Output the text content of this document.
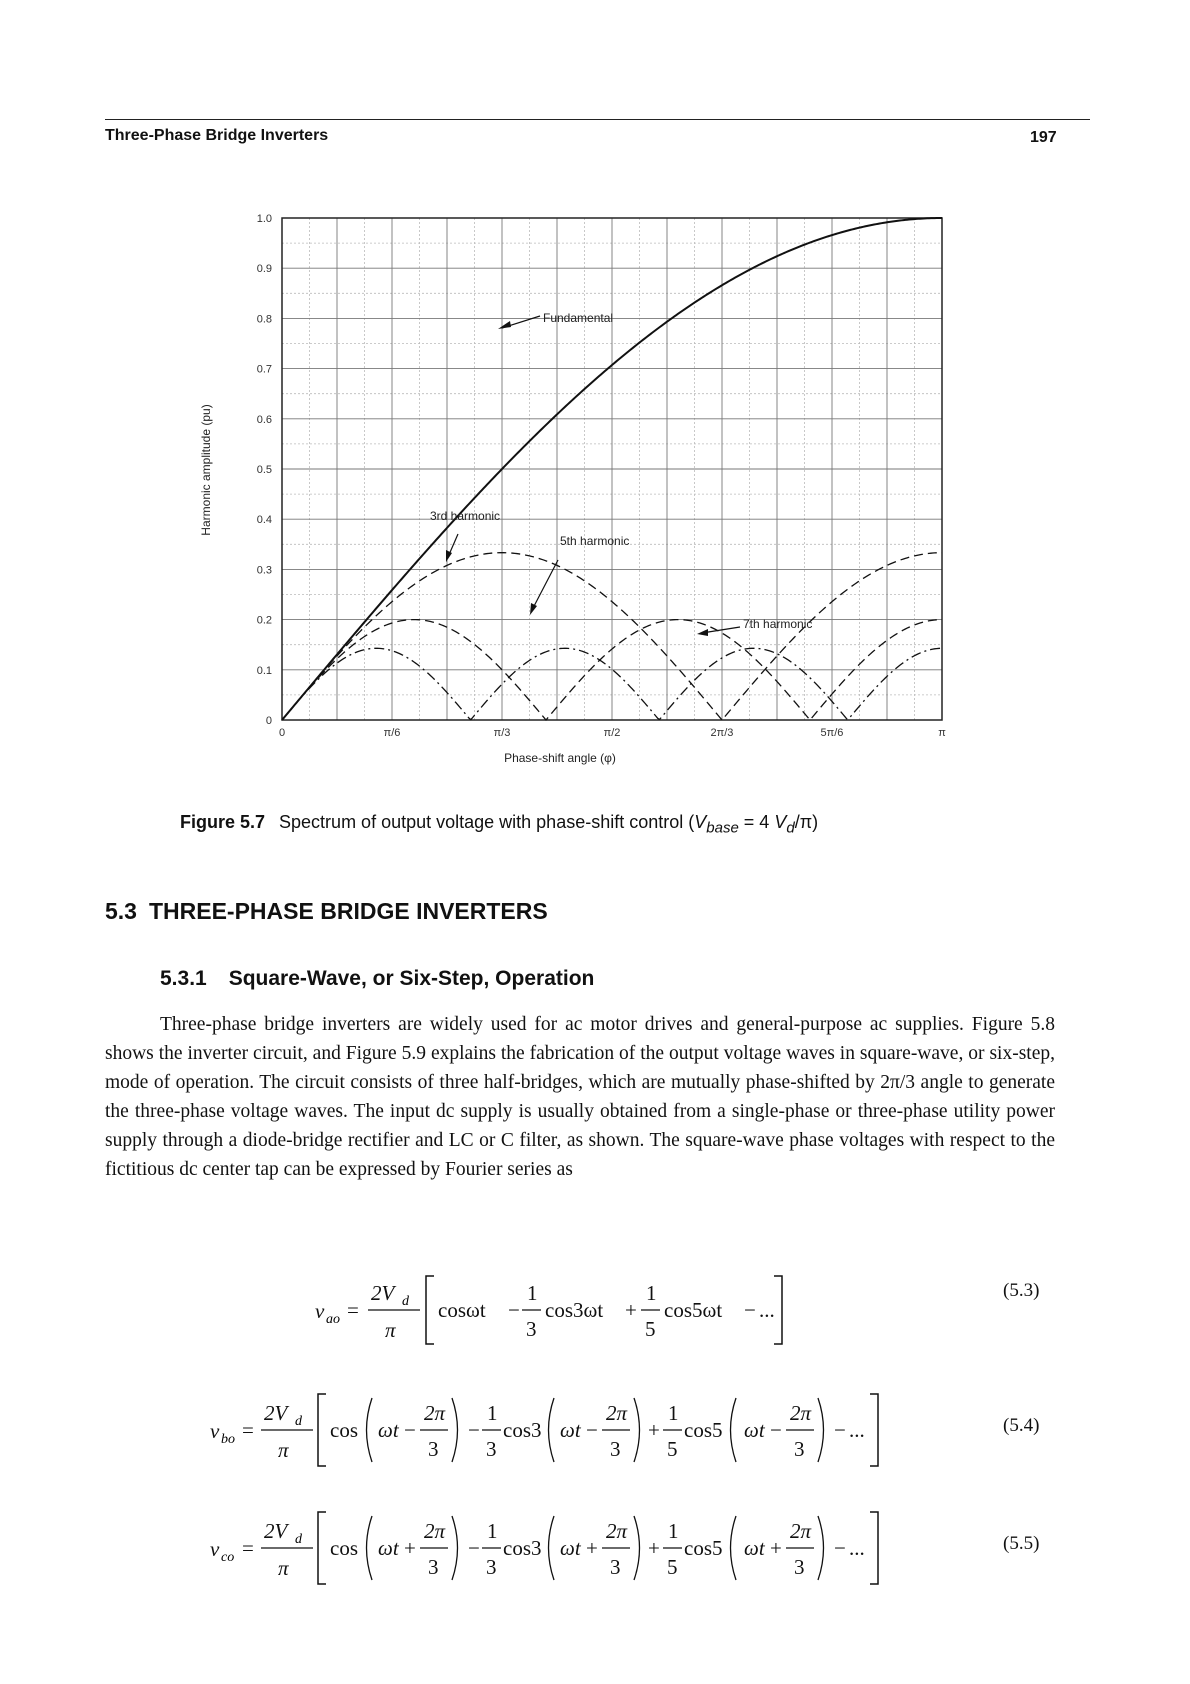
Three-Phase Bridge Inverters	197
0
0.1
0.2
0.3
0.4
0.5
0.6
0.7
0.8
0.9
1.0
0	π/6	π/3	π/2	2π/3	5π/6	π
Fundamental
3rd harmonic
5th harmonic
7th harmonic
Phase-shift angle (φ)
Harmonic amplitude (pu)
Figure 5.7 Spectrum of output voltage with phase-shift control ($V_{base} = 4$ $V_d/\pi$)
5.3 THREE-PHASE BRIDGE INVERTERS
5.3.1 Square-Wave, or Six-Step, Operation

Three-phase bridge inverters are widely used for ac motor drives and general-purpose ac supplies. Figure 5.8 shows the inverter circuit, and Figure 5.9 explains the fabrication of the output voltage waves in square-wave, or six-step, mode of operation. The circuit consists of three half-bridges, which are mutually phase-shifted by 2π/3 angle to generate the three-phase voltage waves. The input dc supply is usually obtained from a single-phase or three-phase utility power supply through a diode-bridge rectifier and LC or C filter, as shown. The square-wave phase voltages with respect to the fictitious dc center tap can be expressed by Fourier series as

v ao =
2V d
π
cosωt −
1
3
cos3ωt +
1
5
cos5ωt − ...
(5.3)
v bo =
2V d
π
cos ωt −
2π
3
−
1
3
cos3 ωt −
2π
3
+
1
5
cos5 ωt −
2π
3
− ...	(5.4)
v co =
2V d
π
cos ωt +
2π
3
−
1
3
cos3 ωt +
2π
3
+
1
5
cos5 ωt +
2π
3
− ...	(5.5)
